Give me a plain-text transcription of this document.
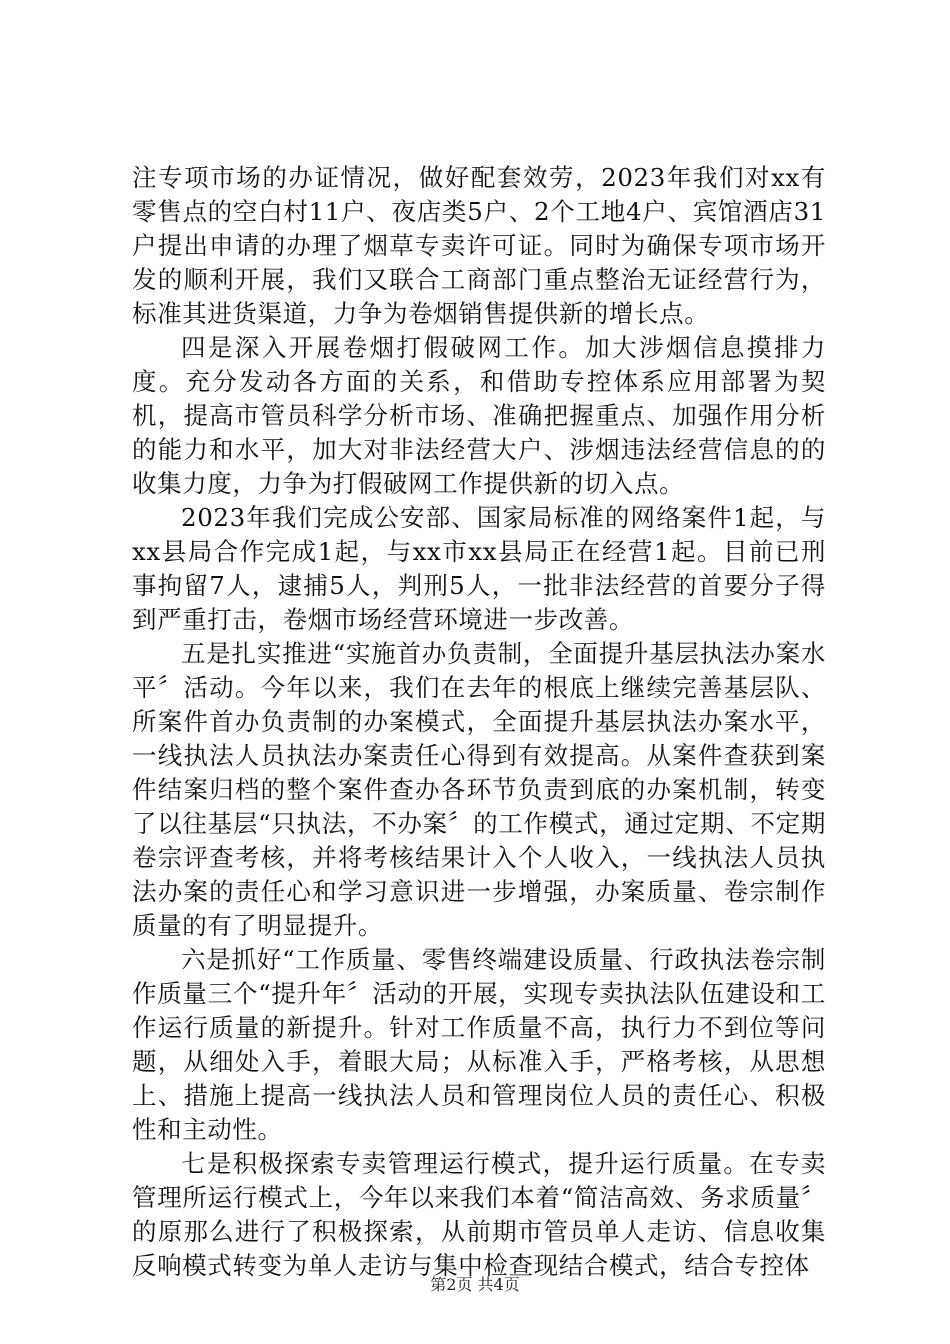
注专项市场的办证情况，做好配套效劳，2023年我们对xx有零售点的空白村11户、夜店类5户、2个工地4户、宾馆酒店31户提出申请的办理了烟草专卖许可证。同时为确保专项市场开发的顺利开展，我们又联合工商部门重点整治无证经营行为，标准其进货渠道，力争为卷烟销售提供新的增长点。

四是深入开展卷烟打假破网工作。加大涉烟信息摸排力度。充分发动各方面的关系，和借助专控体系应用部署为契机，提高市管员科学分析市场、准确把握重点、加强作用分析的能力和水平，加大对非法经营大户、涉烟违法经营信息的的收集力度，力争为打假破网工作提供新的切入点。

2023年我们完成公安部、国家局标准的网络案件1起，与xx县局合作完成1起，与xx市xx县局正在经营1起。目前已刑事拘留7人，逮捕5人，判刑5人，一批非法经营的首要分子得到严重打击，卷烟市场经营环境进一步改善。

五是扎实推进“实施首办负责制，全面提升基层执法办案水平〞活动。今年以来，我们在去年的根底上继续完善基层队、所案件首办负责制的办案模式，全面提升基层执法办案水平，一线执法人员执法办案责任心得到有效提高。从案件查获到案件结案归档的整个案件查办各环节负责到底的办案机制，转变了以往基层“只执法，不办案〞的工作模式，通过定期、不定期卷宗评查考核，并将考核结果计入个人收入，一线执法人员执法办案的责任心和学习意识进一步增强，办案质量、卷宗制作质量的有了明显提升。

六是抓好“工作质量、零售终端建设质量、行政执法卷宗制作质量三个“提升年〞活动的开展，实现专卖执法队伍建设和工作运行质量的新提升。针对工作质量不高，执行力不到位等问题，从细处入手，着眼大局；从标准入手，严格考核，从思想上、措施上提高一线执法人员和管理岗位人员的责任心、积极性和主动性。

七是积极探索专卖管理运行模式，提升运行质量。在专卖管理所运行模式上，今年以来我们本着“简洁高效、务求质量〞的原那么进行了积极探索，从前期市管员单人走访、信息收集反响模式转变为单人走访与集中检查现结合模式，结合专控体

第2页 共4页
